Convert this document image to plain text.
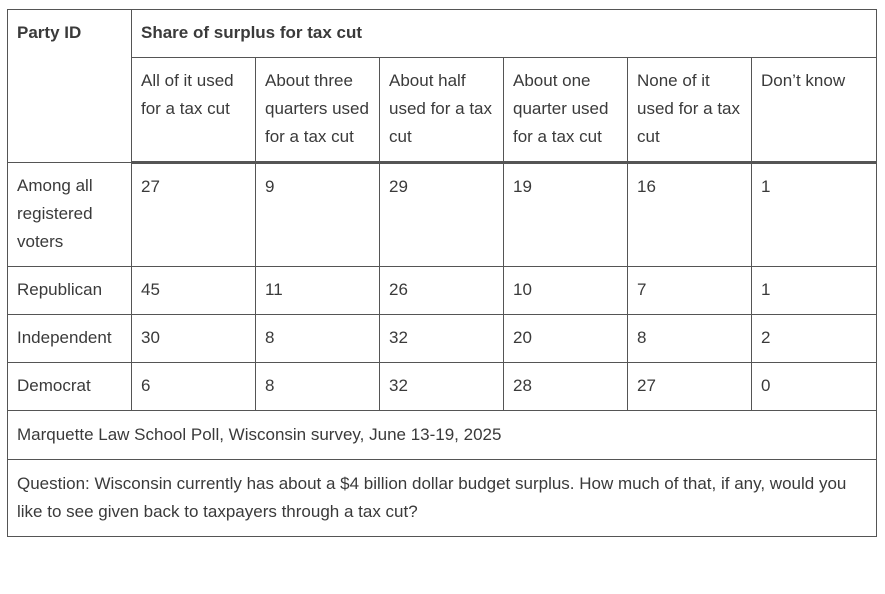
Party ID	Share of surplus for tax cut					
	All of it used for a tax cut	About three quarters used for a tax cut	About half used for a tax cut	About one quarter used for a tax cut	None of it used for a tax cut	Don’t know
Among all registered voters	27	9	29	19	16	1
Republican	45	11	26	10	7	1
Independent	30	8	32	20	8	2
Democrat	6	8	32	28	27	0
Marquette Law School Poll, Wisconsin survey, June 13-19, 2025						
Question: Wisconsin currently has about a $4 billion dollar budget surplus. How much of that, if any, would you like to see given back to taxpayers through a tax cut?						
